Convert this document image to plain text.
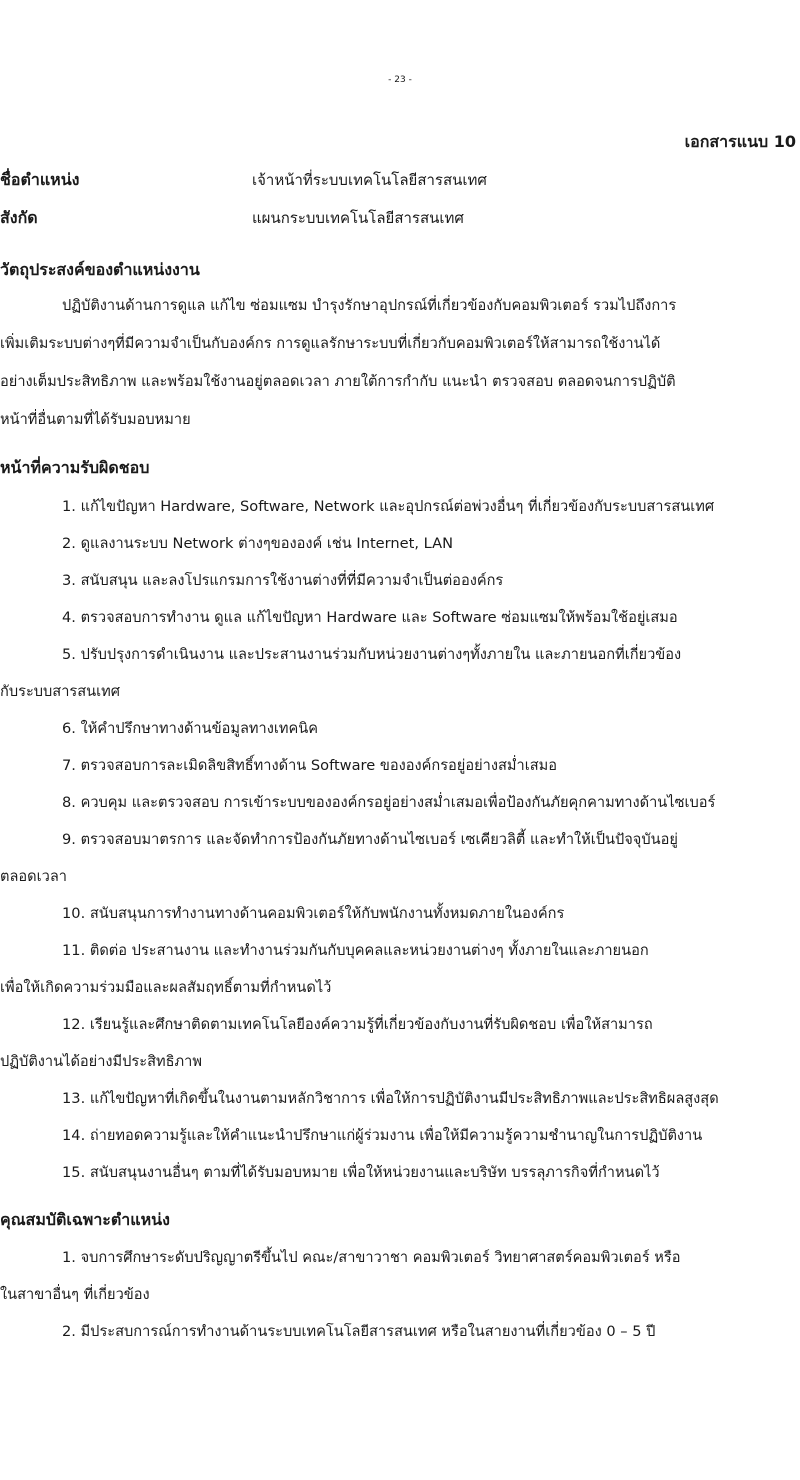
- 23 -
เอกสารแนบ 10
ชื่อตำแหน่ง	เจ้าหน้าที่ระบบเทคโนโลยีสารสนเทศ
สังกัด	แผนกระบบเทคโนโลยีสารสนเทศ
วัตถุประสงค์ของตำแหน่งงาน
ปฏิบัติงานด้านการดูแล แก้ไข ซ่อมแซม บำรุงรักษาอุปกรณ์ที่เกี่ยวข้องกับคอมพิวเตอร์ รวมไปถึงการ
เพิ่มเติมระบบต่างๆที่มีความจำเป็นกับองค์กร การดูแลรักษาระบบที่เกี่ยวกับคอมพิวเตอร์ให้สามารถใช้งานได้
อย่างเต็มประสิทธิภาพ และพร้อมใช้งานอยู่ตลอดเวลา ภายใต้การกำกับ แนะนำ ตรวจสอบ ตลอดจนการปฏิบัติ
หน้าที่อื่นตามที่ได้รับมอบหมาย
หน้าที่ความรับผิดชอบ
1. แก้ไขปัญหา Hardware, Software, Network และอุปกรณ์ต่อพ่วงอื่นๆ ที่เกี่ยวข้องกับระบบสารสนเทศ
2. ดูแลงานระบบ Network ต่างๆขององค์ เช่น Internet, LAN
3. สนับสนุน และลงโปรแกรมการใช้งานต่างที่ที่มีความจำเป็นต่อองค์กร
4. ตรวจสอบการทำงาน ดูแล แก้ไขปัญหา Hardware และ Software ซ่อมแซมให้พร้อมใช้อยู่เสมอ
5. ปรับปรุงการดำเนินงาน และประสานงานร่วมกับหน่วยงานต่างๆทั้งภายใน และภายนอกที่เกี่ยวข้อง
กับระบบสารสนเทศ
6. ให้คำปรึกษาทางด้านข้อมูลทางเทคนิค
7. ตรวจสอบการละเมิดลิขสิทธิ์ทางด้าน Software ขององค์กรอยู่อย่างสม่ำเสมอ
8. ควบคุม และตรวจสอบ การเข้าระบบขององค์กรอยู่อย่างสม่ำเสมอเพื่อป้องกันภัยคุกคามทางด้านไซเบอร์
9. ตรวจสอบมาตรการ และจัดทำการป้องกันภัยทางด้านไซเบอร์ เซเคียวลิตี้ และทำให้เป็นปัจจุบันอยู่
ตลอดเวลา
10. สนับสนุนการทำงานทางด้านคอมพิวเตอร์ให้กับพนักงานทั้งหมดภายในองค์กร
11. ติดต่อ ประสานงาน และทำงานร่วมกันกับบุคคลและหน่วยงานต่างๆ ทั้งภายในและภายนอก
เพื่อให้เกิดความร่วมมือและผลสัมฤทธิ์ตามที่กำหนดไว้
12. เรียนรู้และศึกษาติดตามเทคโนโลยีองค์ความรู้ที่เกี่ยวข้องกับงานที่รับผิดชอบ เพื่อให้สามารถ
ปฏิบัติงานได้อย่างมีประสิทธิภาพ
13. แก้ไขปัญหาที่เกิดขึ้นในงานตามหลักวิชาการ เพื่อให้การปฏิบัติงานมีประสิทธิภาพและประสิทธิผลสูงสุด
14. ถ่ายทอดความรู้และให้คำแนะนำปรึกษาแก่ผู้ร่วมงาน เพื่อให้มีความรู้ความชำนาญในการปฏิบัติงาน
15. สนับสนุนงานอื่นๆ ตามที่ได้รับมอบหมาย เพื่อให้หน่วยงานและบริษัท บรรลุภารกิจที่กำหนดไว้
คุณสมบัติเฉพาะตำแหน่ง
1. จบการศึกษาระดับปริญญาตรีขึ้นไป คณะ/สาขาวาชา คอมพิวเตอร์ วิทยาศาสตร์คอมพิวเตอร์ หรือ
ในสาขาอื่นๆ ที่เกี่ยวข้อง
2. มีประสบการณ์การทำงานด้านระบบเทคโนโลยีสารสนเทศ หรือในสายงานที่เกี่ยวข้อง 0 – 5 ปี
